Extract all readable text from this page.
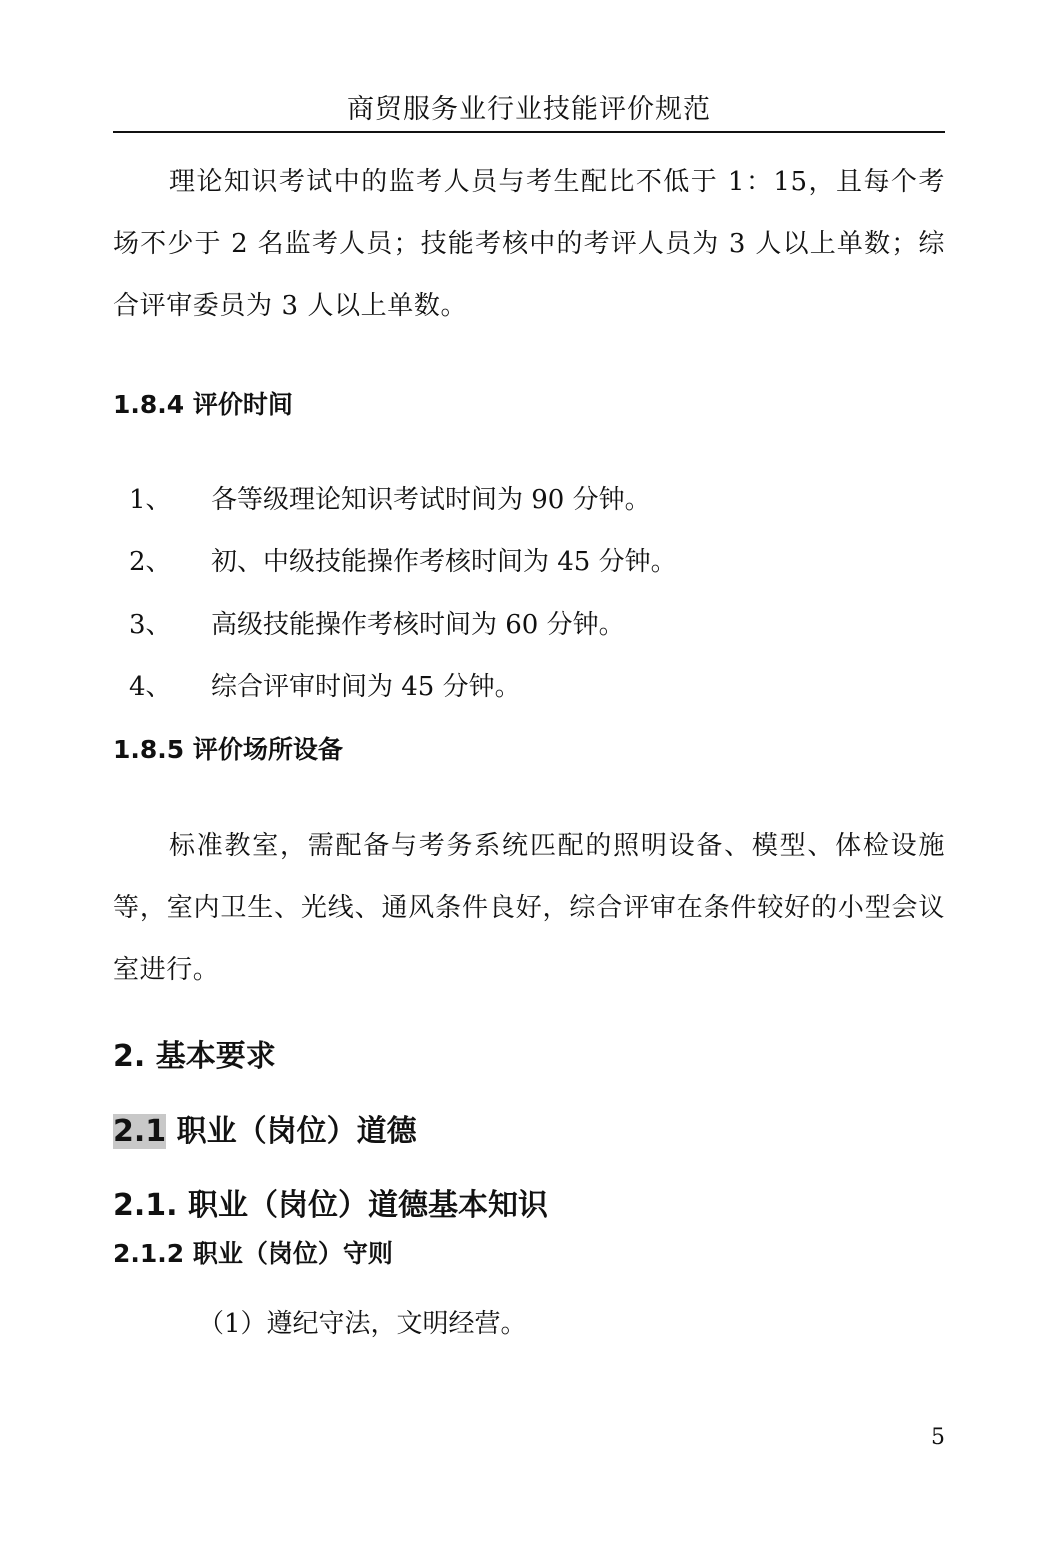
商贸服务业行业技能评价规范

理论知识考试中的监考人员与考生配比不低于 1：15，且每个考场不少于 2 名监考人员；技能考核中的考评人员为 3 人以上单数；综合评审委员为 3 人以上单数。

1.8.4 评价时间
1、 各等级理论知识考试时间为 90 分钟。
2、 初、中级技能操作考核时间为 45 分钟。
3、 高级技能操作考核时间为 60 分钟。
4、 综合评审时间为 45 分钟。
1.8.5 评价场所设备

标准教室，需配备与考务系统匹配的照明设备、模型、体检设施等，室内卫生、光线、通风条件良好，综合评审在条件较好的小型会议室进行。

2. 基本要求
2.1 职业（岗位）道德
2.1. 职业（岗位）道德基本知识
2.1.2 职业（岗位）守则
（1）遵纪守法，文明经营。
5
